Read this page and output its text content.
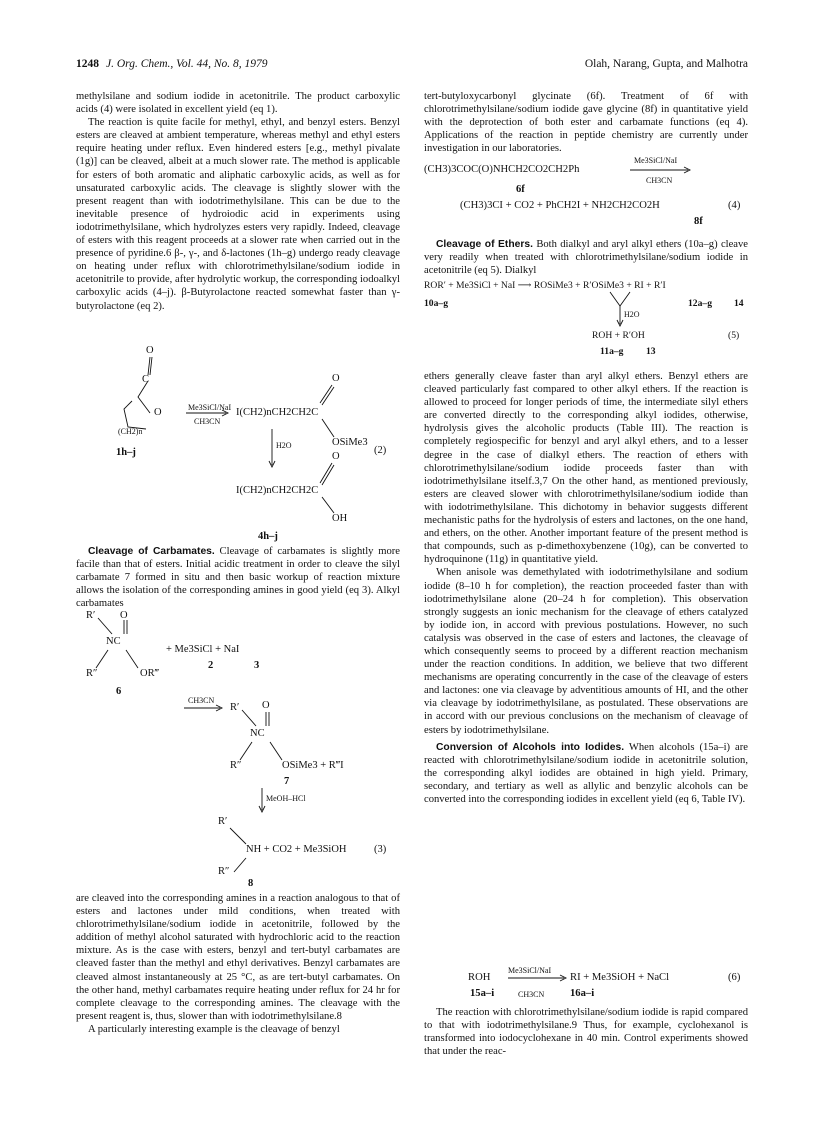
1248 J. Org. Chem., Vol. 44, No. 8, 1979	Olah, Narang, Gupta, and Malhotra

methylsilane and sodium iodide in acetonitrile. The product carboxylic acids (4) were isolated in excellent yield (eq 1).

The reaction is quite facile for methyl, ethyl, and benzyl esters. Benzyl esters are cleaved at ambient temperature, whereas methyl and ethyl esters require heating under reflux. Even hindered esters [e.g., methyl pivalate (1g)] can be cleaved, albeit at a much slower rate. The method is applicable for esters of both aromatic and aliphatic carboxylic acids, as well as for unsaturated carboxylic acids. The cleavage is slightly slower with the present reagent than with iodotrimethylsilane. This can be due to the inevitable presence of hydroiodic acid in experiments using iodotrimethylsilane, which hydrolyzes esters very rapidly. Indeed, cleavage of esters with this reagent proceeds at a slower rate when carried out in the presence of pyridine.6 β-, γ-, and δ-lactones (1h–g) undergo ready cleavage on heating under reflux with chlorotrimethylsilane/sodium iodide in acetonitrile to provide, after hydrolytic workup, the corresponding iodoalkyl carboxylic acids (4–j). β-Butyrolactone reacted somewhat faster than γ-butyrolactone (eq 2).

O
C
O
(CH2)n
1h–j
Me3SiCl/NaI
CH3CN
I(CH2)nCH2CH2C
O
OSiMe3
H2O	(2)
I(CH2)nCH2CH2C
O
OH
4h–j

Cleavage of Carbamates. Cleavage of carbamates is slightly more facile than that of esters. Initial acidic treatment in order to cleave the silyl carbamate 7 formed in situ and then basic workup of reaction mixture allows the isolation of the corresponding amines in good yield (eq 3). Alkyl carbamates

R′ O
NC
R″	OR‴
+ Me3SiCl + NaI
2	3
6
CH3CN
R′ O
NC
R″	OSiMe3 + R‴I
7
MeOH–HCl
R′
NH + CO2 + Me3SiOH	(3)
R″
8

are cleaved into the corresponding amines in a reaction analogous to that of esters and lactones under mild conditions, when treated with chlorotrimethylsilane/sodium iodide in acetonitrile, followed by the addition of methyl alcohol saturated with hydrochloric acid to the reaction mixture. As is the case with esters, benzyl and tert-butyl carbamates are cleaved faster than the methyl and ethyl derivatives. Benzyl carbamates are cleaved almost instantaneously at 25 °C, as are tert-butyl carbamates. On the other hand, methyl carbamates require heating under reflux for 24 hr for complete cleavage to the corresponding amines. The cleavage with the present reagent is, thus, slower than with iodotrimethylsilane.8

A particularly interesting example is the cleavage of benzyl

tert-butyloxycarbonyl glycinate (6f). Treatment of 6f with chlorotrimethylsilane/sodium iodide gave glycine (8f) in quantitative yield with the deprotection of both ester and carbamate functions (eq 4). Applications of the reaction in peptide chemistry are currently under investigation in our laboratories.

(CH3)3COC(O)NHCH2CO2CH2Ph
Me3SiCl/NaI
CH3CN
6f
(CH3)3CI + CO2 + PhCH2I + NH2CH2CO2H	(4)
8f

Cleavage of Ethers. Both dialkyl and aryl alkyl ethers (10a–g) cleave very readily when treated with chlorotrimethylsilane/sodium iodide in acetonitrile (eq 5). Dialkyl

ROR′ + Me3SiCl + NaI ⟶ ROSiMe3 + R′OSiMe3 + RI + R′I
10a–g	12a–g 14
H2O
ROH + R′OH	(5)
11a–g 13

ethers generally cleave faster than aryl alkyl ethers. Benzyl ethers are cleaved particularly fast compared to other alkyl ethers. If the reaction is allowed to proceed for longer periods of time, the intermediate silyl ethers are converted directly to the corresponding alkyl iodides, otherwise, hydrolysis gives the alcoholic products (Table III). The reaction is completely regiospecific for benzyl and aryl alkyl ethers, and to a lesser degree in the case of dialkyl ethers. The reaction of ethers with chlorotrimethylsilane/sodium iodide proceeds faster than with iodotrimethylsilane itself.3,7 On the other hand, as mentioned previously, esters are cleaved slower with chlorotrimethylsilane/sodium iodide than with iodotrimethylsilane. This dichotomy in behavior suggests different mechanistic paths for the hydrolysis of esters and lactones, on the one hand, and ethers, on the other. Another important feature of the present method is that compounds, such as p-dimethoxybenzene (10g), can be converted to hydroquinone (11g) in quantitative yield.

When anisole was demethylated with iodotrimethylsilane and sodium iodide (8–10 h for completion), the reaction proceeded faster than with iodotrimethylsilane alone (20–24 h for completion). This observation strongly suggests an ionic mechanism for the cleavage of ethers catalyzed by iodide ion, in accord with previous postulations. However, no such catalysis was observed in the case of esters and lactones, the cleavage of which consequently seems to proceed by a different reaction mechanism under the reaction conditions. In addition, we believe that two different mechanisms are operating concurrently in the case of the cleavage of esters and lactones: one via cleavage by adventitious amounts of HI, and the other via cleavage by iodotrimethylsilane, as postulated. These observations are in accord with our previous conclusions on the mechanism of cleavage of esters by iodotrimethylsilane.

Conversion of Alcohols into Iodides. When alcohols (15a–i) are reacted with chlorotrimethylsilane/sodium iodide in acetonitrile solution, the corresponding alkyl iodides are obtained in high yield. Primary, secondary, and tertiary as well as allylic and benzylic alcohols can be converted into the corresponding iodides in excellent yield (eq 6, Table IV).

ROH
Me3SiCl/NaI
RI + Me3SiOH + NaCl	(6)
15a–i	CH3CN 16a–i

The reaction with chlorotrimethylsilane/sodium iodide is rapid compared to that with iodotrimethylsilane.9 Thus, for example, cyclohexanol is transformed into iodocyclohexane in 40 min. Control experiments showed that under the reac-
